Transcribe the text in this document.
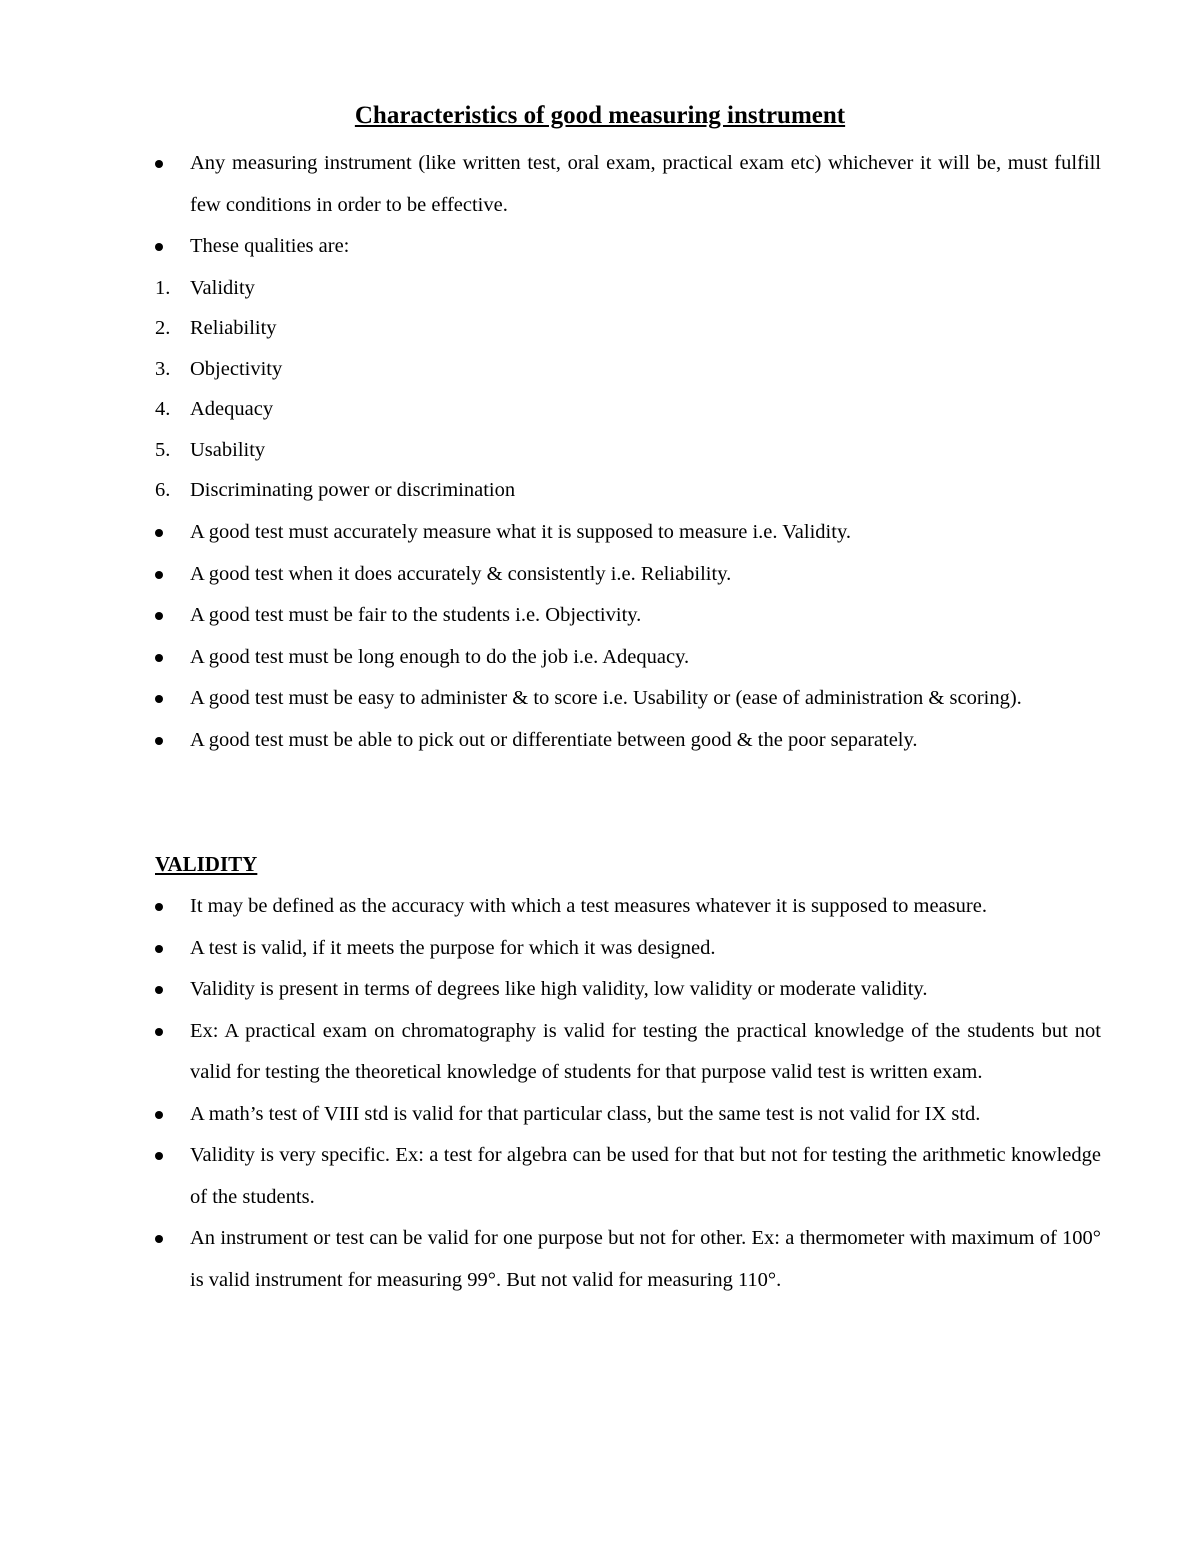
Characteristics of good measuring instrument
Any measuring instrument (like written test, oral exam, practical exam etc) whichever it will be, must fulfill few conditions in order to be effective.
These qualities are:
1. Validity
2. Reliability
3. Objectivity
4. Adequacy
5. Usability
6. Discriminating power or discrimination
A good test must accurately measure what it is supposed to measure i.e. Validity.
A good test when it does accurately & consistently i.e. Reliability.
A good test must be fair to the students i.e. Objectivity.
A good test must be long enough to do the job i.e. Adequacy.
A good test must be easy to administer & to score i.e. Usability or (ease of administration & scoring).
A good test must be able to pick out or differentiate between good & the poor separately.
VALIDITY
It may be defined as the accuracy with which a test measures whatever it is supposed to measure.
A test is valid, if it meets the purpose for which it was designed.
Validity is present in terms of degrees like high validity, low validity or moderate validity.
Ex: A practical exam on chromatography is valid for testing the practical knowledge of the students but not valid for testing the theoretical knowledge of students for that purpose valid test is written exam.
A math’s test of VIII std is valid for that particular class, but the same test is not valid for IX std.
Validity is very specific. Ex: a test for algebra can be used for that but not for testing the arithmetic knowledge of the students.
An instrument or test can be valid for one purpose but not for other. Ex: a thermometer with maximum of 100° is valid instrument for measuring 99°. But not valid for measuring 110°.
